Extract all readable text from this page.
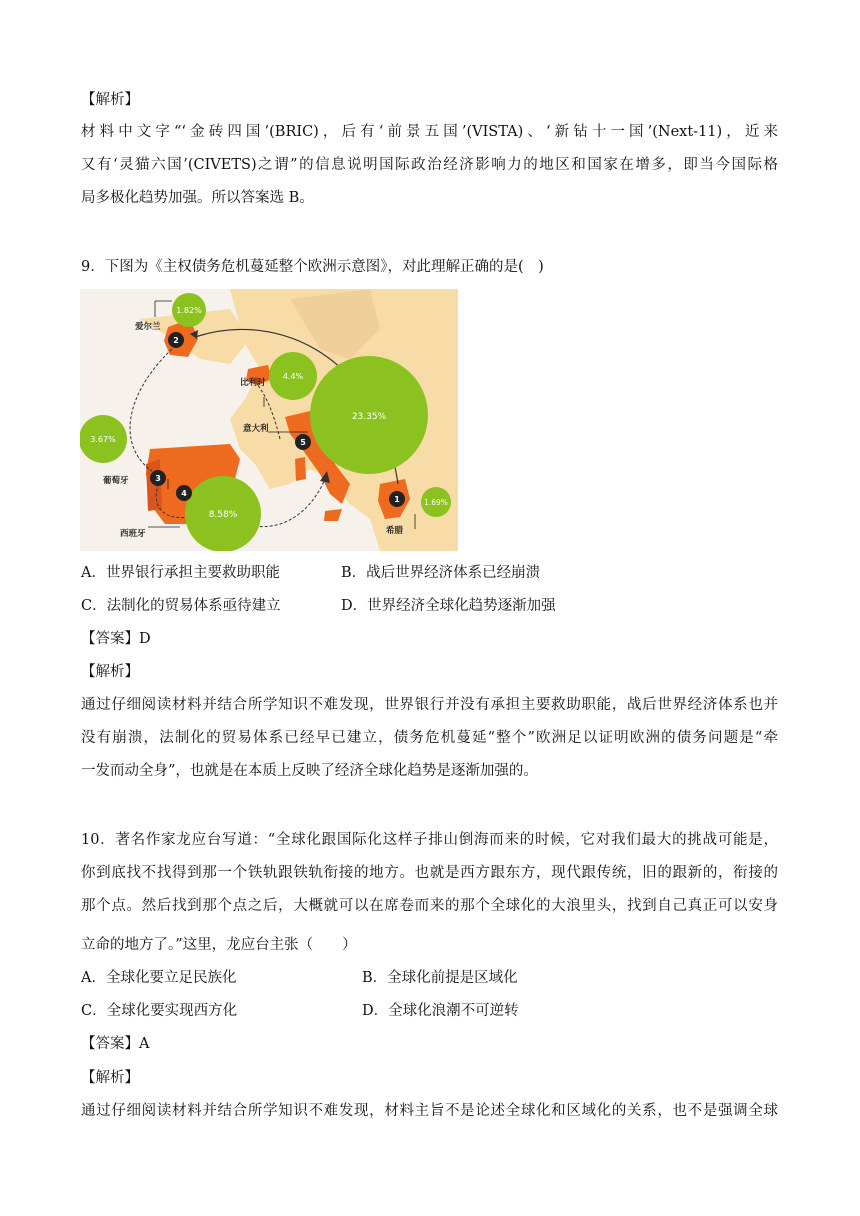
【解析】
材料中文字“‘金砖四国’(BRIC)，后有‘前景五国’(VISTA)、‘新钻十一国’(Next-11)，近来
又有‘灵猫六国’(CIVETS)之谓”的信息说明国际政治经济影响力的地区和国家在增多，即当今国际格
局多极化趋势加强。所以答案选 B。
9．下图为《主权债务危机蔓延整个欧洲示意图》，对此理解正确的是(　)
爱尔兰
比利时
意大利
葡萄牙
西班牙	希腊
1.82%
4.4%
23.35%
3.67%
8.58%
1.69%
1
2
3
4
5
A．世界银行承担主要救助职能	B．战后世界经济体系已经崩溃
C．法制化的贸易体系亟待建立	D．世界经济全球化趋势逐渐加强
【答案】D
【解析】
通过仔细阅读材料并结合所学知识不难发现，世界银行并没有承担主要救助职能，战后世界经济体系也并
没有崩溃，法制化的贸易体系已经早已建立，债务危机蔓延“整个”欧洲足以证明欧洲的债务问题是“牵
一发而动全身”，也就是在本质上反映了经济全球化趋势是逐渐加强的。
10．著名作家龙应台写道：“全球化跟国际化这样子排山倒海而来的时候，它对我们最大的挑战可能是，
你到底找不找得到那一个铁轨跟铁轨衔接的地方。也就是西方跟东方，现代跟传统，旧的跟新的，衔接的
那个点。然后找到那个点之后，大概就可以在席卷而来的那个全球化的大浪里头，找到自己真正可以安身
立命的地方了。”这里，龙应台主张（　　）
A．全球化要立足民族化	B．全球化前提是区域化
C．全球化要实现西方化	D．全球化浪潮不可逆转
【答案】A
【解析】
通过仔细阅读材料并结合所学知识不难发现，材料主旨不是论述全球化和区域化的关系，也不是强调全球
